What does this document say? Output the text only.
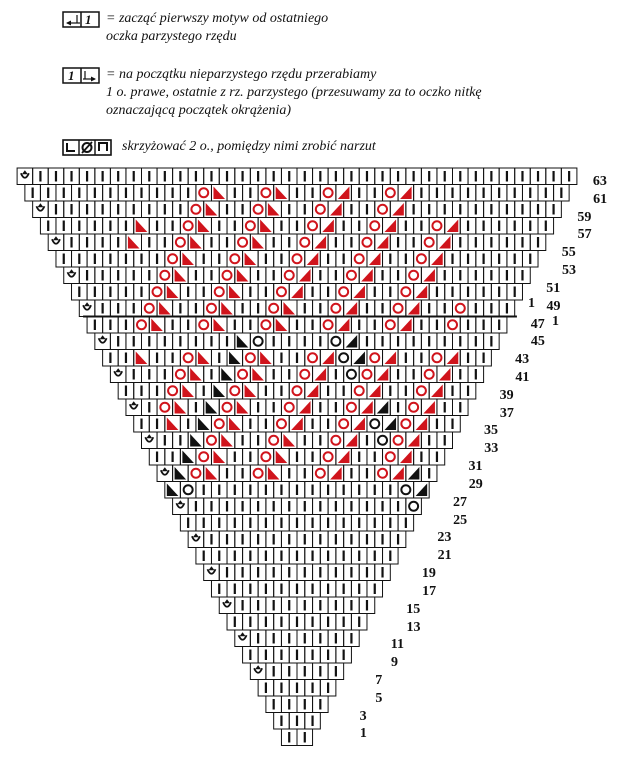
1 = zacząć pierwszy motyw od ostatniego
oczka parzystego rzędu
1 = na początku nieparzystego rzędu przerabiamy
1 o. prawe, ostatnie z rz. parzystego (przesuwamy za to oczko nitkę
oznaczającą początek okrążenia)
skrzyżować 2 o., pomiędzy nimi zrobić narzut
63
61
59
57
55
53
51
49
47
45
43
41
39
37
35
33
31
29
27
25
23
21
19
17
15
13
11
9
7
5
3
1
1
1
